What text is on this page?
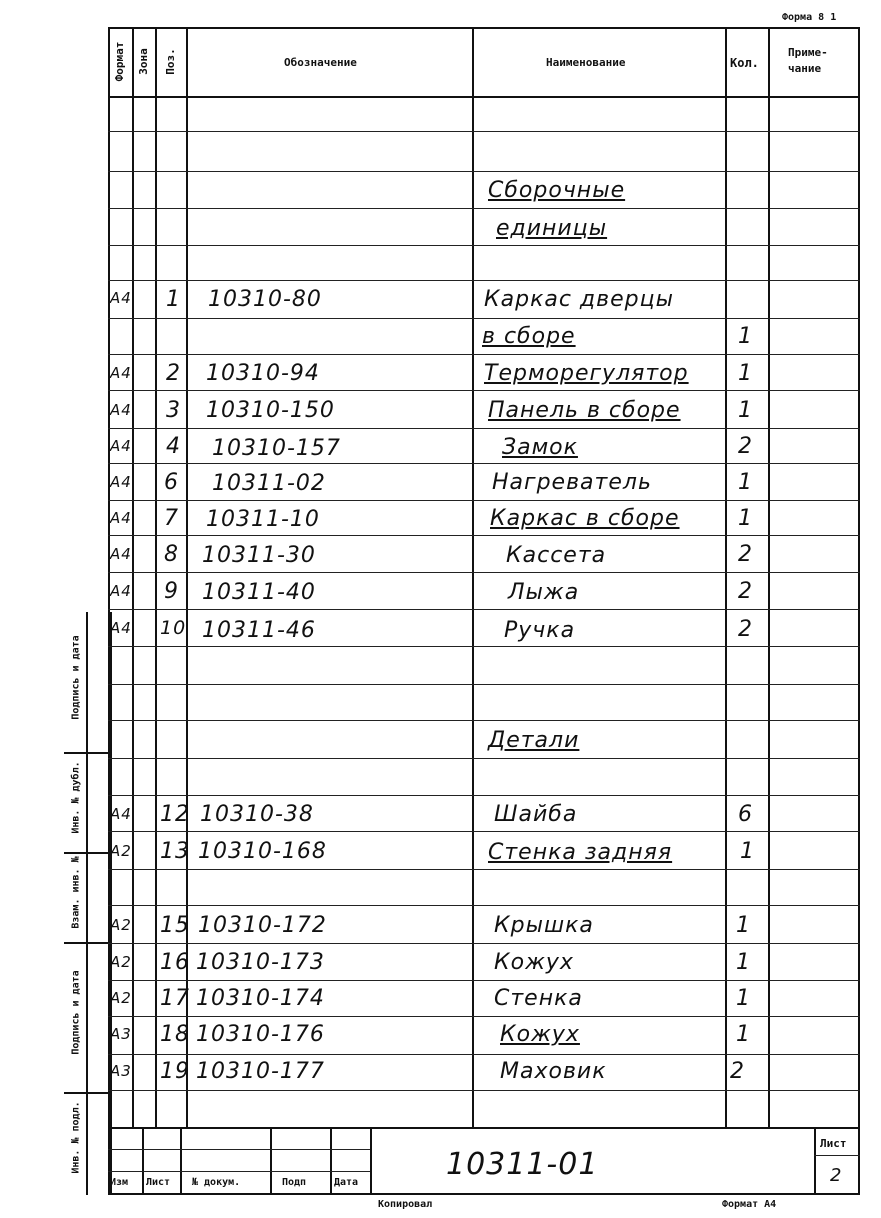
Форма 8 1
Подпись и дата
Инв. № дубл.
Взам. инв. №
Подпись и дата
Инв. № подл.
Формат Зона Поз.	Обозначение	Наименование	Кол.
Приме-
чание
Сборочные
единицы
Детали
A4 1 10310-80	Каркас дверцы
в сборе	1
A4 2 10310-94	Терморегулятор 1
A4 3 10310-150	Панель в сборе	1
A4 4 10310-157	Замок	2
A4 6 10311-02	Нагреватель	1
A4 7 10311-10	Каркас в сборе	1
A4 8 10311-30	Кассета	2
A4 9 10311-40	Лыжа	2
A4 10 10311-46	Ручка	2
A4 12 10310-38	Шайба	6
A2 13 10310-168	Стенка задняя	1
A2 15 10310-172	Крышка	1
A2 16 10310-173	Кожух	1
A2 17 10310-174	Стенка	1
A3 18 10310-176	Кожух	1
A3 19 10310-177	Маховик	2
Изм Лист № докум.	Подп	Дата
10311-01
Лист
2
Копировал	Формат А4
